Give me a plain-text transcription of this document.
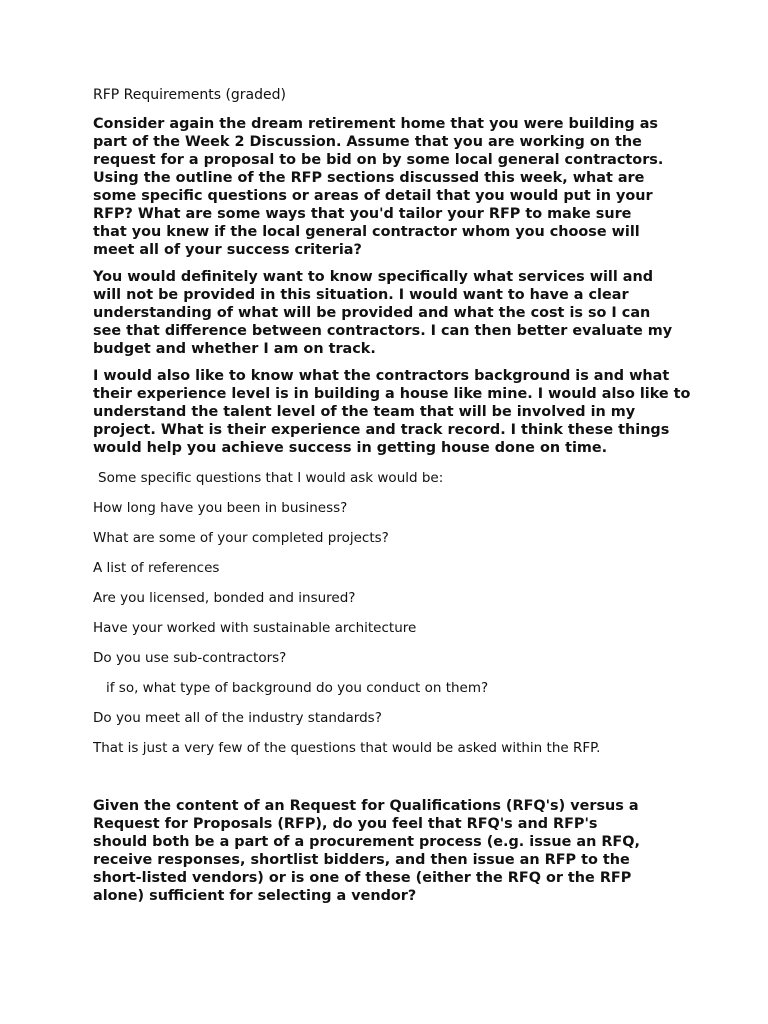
RFP Requirements (graded)
Consider again the dream retirement home that you were building as part of the Week 2 Discussion. Assume that you are working on the request for a proposal to be bid on by some local general contractors. Using the outline of the RFP sections discussed this week, what are some specific questions or areas of detail that you would put in your RFP? What are some ways that you'd tailor your RFP to make sure that you knew if the local general contractor whom you choose will meet all of your success criteria?
You would definitely want to know specifically what services will and will not be provided in this situation. I would want to have a clear understanding of what will be provided and what the cost is so I can see that difference between contractors. I can then better evaluate my budget and whether I am on track.
I would also like to know what the contractors background is and what their experience level is in building a house like mine. I would also like to understand the talent level of the team that will be involved in my project. What is their experience and track record. I think these things would help you achieve success in getting house done on time.
Some specific questions that I would ask would be:
How long have you been in business?
What are some of your completed projects?
A list of references
Are you licensed, bonded and insured?
Have your worked with sustainable architecture
Do you use sub-contractors?
if so, what type of background do you conduct on them?
Do you meet all of the industry standards?
That is just a very few of the questions that would be asked within the RFP.
Given the content of an Request for Qualifications (RFQ's) versus a Request for Proposals (RFP), do you feel that RFQ's and RFP's should both be a part of a procurement process (e.g. issue an RFQ, receive responses, shortlist bidders, and then issue an RFP to the short-listed vendors) or is one of these (either the RFQ or the RFP alone) sufficient for selecting a vendor?
